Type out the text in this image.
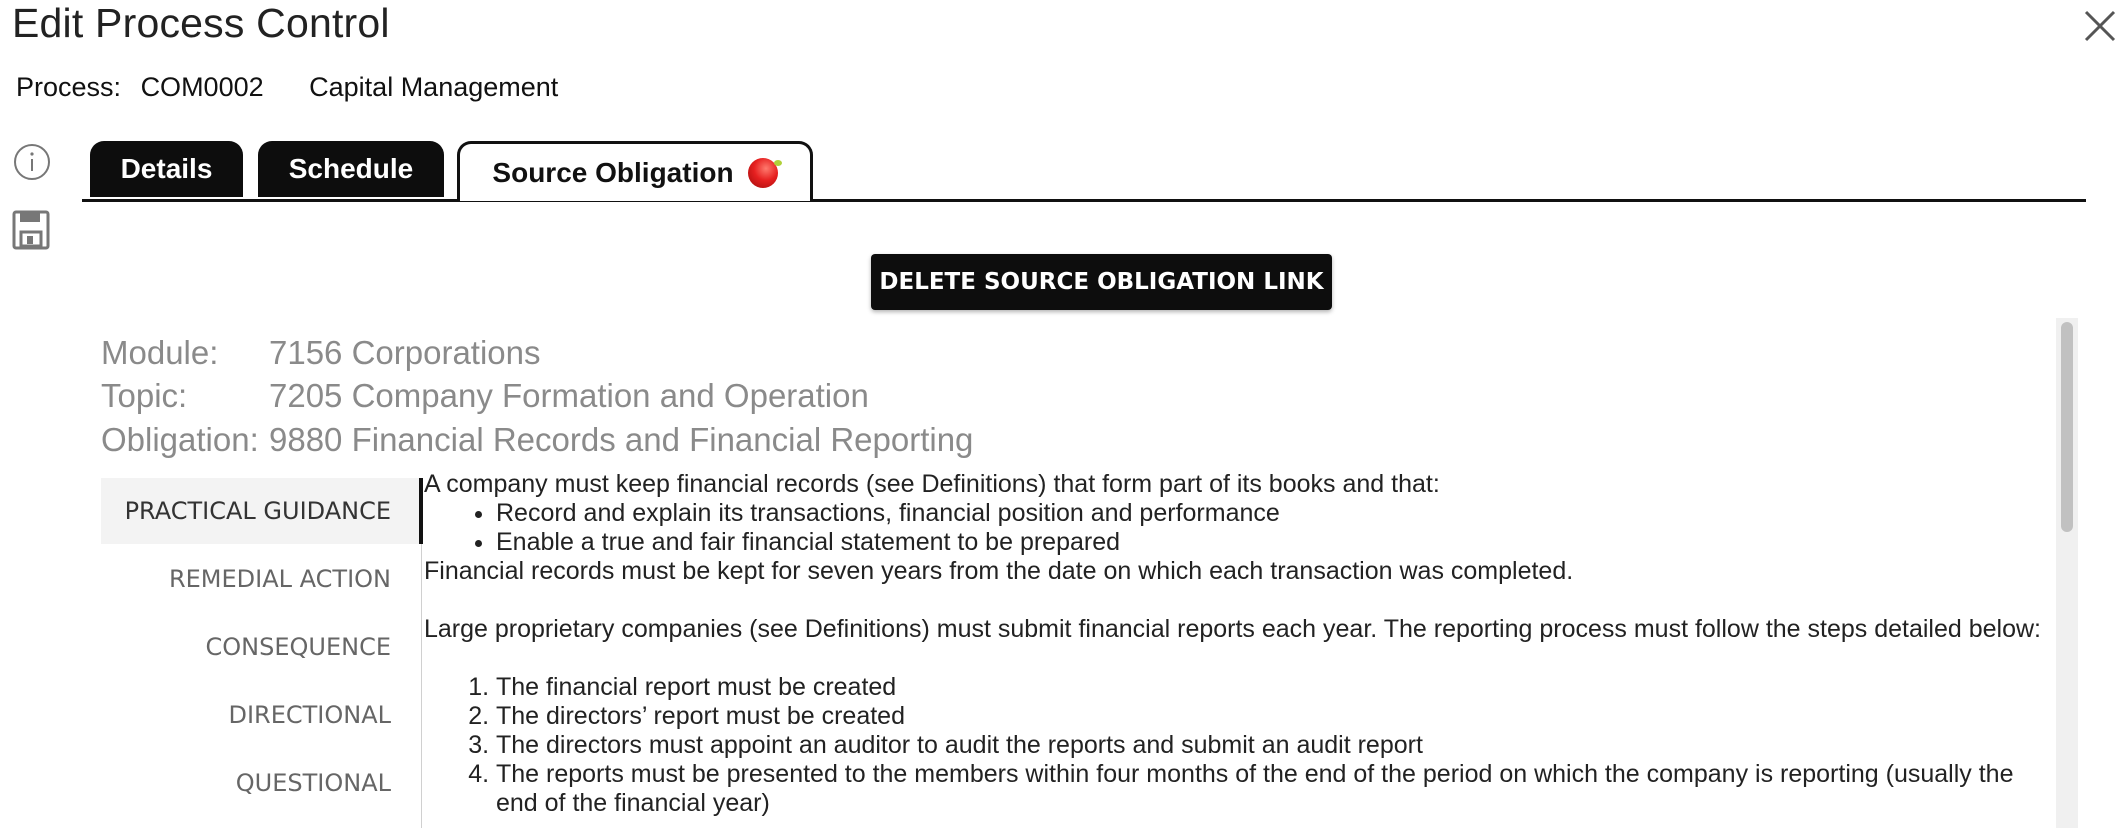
Edit Process Control
Process: COM0002 Capital Management
Details	Schedule	Source Obligation
DELETE SOURCE OBLIGATION LINK
Module: 7156 Corporations
Topic: 7205 Company Formation and Operation
Obligation: 9880 Financial Records and Financial Reporting
PRACTICAL GUIDANCE
REMEDIAL ACTION
CONSEQUENCE
DIRECTIONAL
QUESTIONAL

A company must keep financial records (see Definitions) that form part of its books and that:

• Record and explain its transactions, financial position and performance
• Enable a true and fair financial statement to be prepared

Financial records must be kept for seven years from the date on which each transaction was completed.

Large proprietary companies (see Definitions) must submit financial reports each year. The reporting process must follow the steps detailed below:

1. The financial report must be created
2. The directors’ report must be created
3. The directors must appoint an auditor to audit the reports and submit an audit report
4. The reports must be presented to the members within four months of the end of the period on which the company is reporting (usually the end of the financial year)
